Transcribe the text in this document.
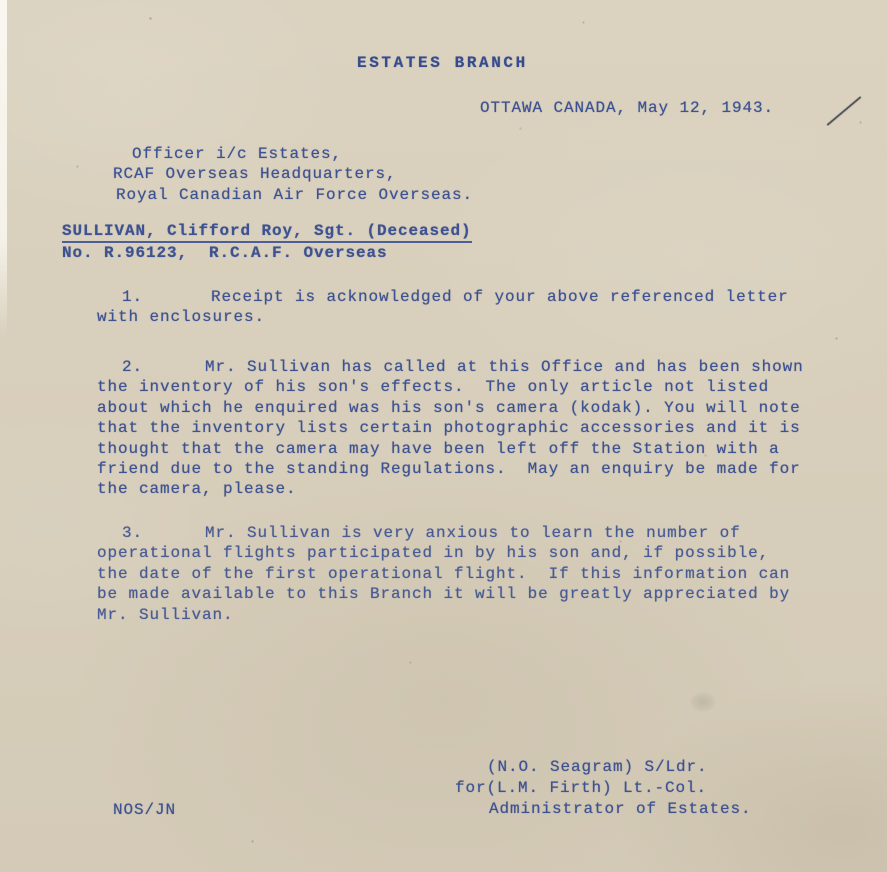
ESTATES BRANCH
OTTAWA CANADA, May 12, 1943.
Officer i/c Estates,
RCAF Overseas Headquarters,
Royal Canadian Air Force Overseas.
SULLIVAN, Clifford Roy, Sgt. (Deceased)
No. R.96123,  R.C.A.F. Overseas
1.	Receipt is acknowledged of your above referenced letter
with enclosures.
2.	Mr. Sullivan has called at this Office and has been shown
the inventory of his son's effects.  The only article not listed
about which he enquired was his son's camera (kodak). You will note
that the inventory lists certain photographic accessories and it is
thought that the camera may have been left off the Station with a
friend due to the standing Regulations.  May an enquiry be made for
the camera, please.
3.	Mr. Sullivan is very anxious to learn the number of
operational flights participated in by his son and, if possible,
the date of the first operational flight.  If this information can
be made available to this Branch it will be greatly appreciated by
Mr. Sullivan.
(N.O. Seagram) S/Ldr.
for(L.M. Firth) Lt.-Col.
Administrator of Estates.
NOS/JN
